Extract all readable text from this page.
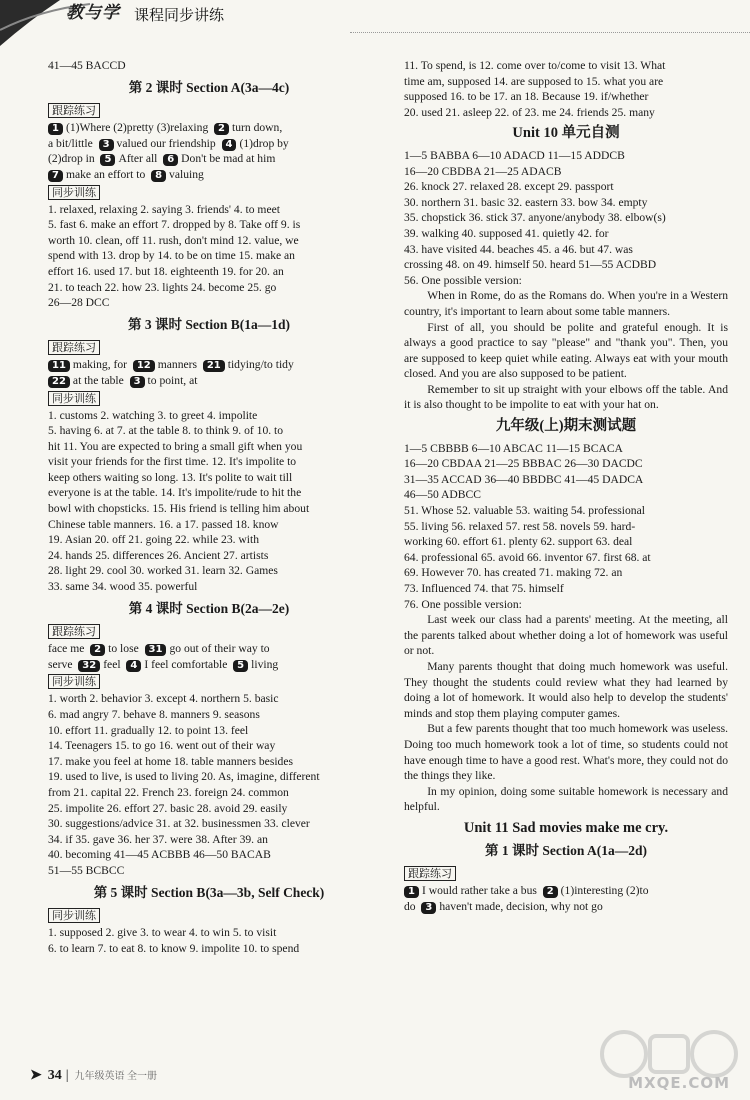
教与学 课程同步讲练
41—45 BACCD
第 2 课时 Section A(3a—4c)
跟踪练习
1 (1)Where (2)pretty (3)relaxing 2 turn down,
a bit/little 3 valued our friendship 4 (1)drop by
(2)drop in 5 After all 6 Don't be mad at him
7 make an effort to 8 valuing
同步训练
1. relaxed, relaxing 2. saying 3. friends' 4. to meet
5. fast 6. make an effort 7. dropped by 8. Take off 9. is
worth 10. clean, off 11. rush, don't mind 12. value, we
spend with 13. drop by 14. to be on time 15. make an
effort 16. used 17. but 18. eighteenth 19. for 20. an
21. to teach 22. how 23. lights 24. become 25. go
26—28 DCC
第 3 课时 Section B(1a—1d)
跟踪练习
11 making, for 12 manners 21 tidying/to tidy
22 at the table 3 to point, at
同步训练
1. customs 2. watching 3. to greet 4. impolite
5. having 6. at 7. at the table 8. to think 9. of 10. to
hit 11. You are expected to bring a small gift when you
visit your friends for the first time. 12. It's impolite to
keep others waiting so long. 13. It's polite to wait till
everyone is at the table. 14. It's impolite/rude to hit the
bowl with chopsticks. 15. His friend is telling him about
Chinese table manners. 16. a 17. passed 18. know
19. Asian 20. off 21. going 22. while 23. with
24. hands 25. differences 26. Ancient 27. artists
28. light 29. cool 30. worked 31. learn 32. Games
33. same 34. wood 35. powerful
第 4 课时 Section B(2a—2e)
跟踪练习
face me 2 to lose 31 go out of their way to
serve 32 feel 4 I feel comfortable 5 living
同步训练
1. worth 2. behavior 3. except 4. northern 5. basic
6. mad angry 7. behave 8. manners 9. seasons
10. effort 11. gradually 12. to point 13. feel
14. Teenagers 15. to go 16. went out of their way
17. make you feel at home 18. table manners besides
19. used to live, is used to living 20. As, imagine, different
from 21. capital 22. French 23. foreign 24. common
25. impolite 26. effort 27. basic 28. avoid 29. easily
30. suggestions/advice 31. at 32. businessmen 33. clever
34. if 35. gave 36. her 37. were 38. After 39. an
40. becoming 41—45 ACBBB 46—50 BACAB
51—55 BCBCC
第 5 课时 Section B(3a—3b, Self Check)
同步训练
1. supposed 2. give 3. to wear 4. to win 5. to visit
6. to learn 7. to eat 8. to know 9. impolite 10. to spend
11. To spend, is 12. come over to/come to visit 13. What
time am, supposed 14. are supposed to 15. what you are
supposed 16. to be 17. an 18. Because 19. if/whether
20. used 21. asleep 22. of 23. me 24. friends 25. many
Unit 10 单元自测
1—5 BABBA 6—10 ADACD 11—15 ADDCB
16—20 CBDBA 21—25 ADACB
26. knock 27. relaxed 28. except 29. passport
30. northern 31. basic 32. eastern 33. bow 34. empty
35. chopstick 36. stick 37. anyone/anybody 38. elbow(s)
39. walking 40. supposed 41. quietly 42. for
43. have visited 44. beaches 45. a 46. but 47. was
crossing 48. on 49. himself 50. heard 51—55 ACDBD
56. One possible version:
When in Rome, do as the Romans do. When you're in a Western country, it's important to learn about some table manners.
First of all, you should be polite and grateful enough. It is always a good practice to say "please" and "thank you". Then, you are supposed to keep quiet while eating. Always eat with your mouth closed. And you are also supposed to be patient.
Remember to sit up straight with your elbows off the table. And it is also thought to be impolite to eat with your hat on.
九年级(上)期末测试题
1—5 CBBBB 6—10 ABCAC 11—15 BCACA
16—20 CBDAA 21—25 BBBAC 26—30 DACDC
31—35 ACCAD 36—40 BBDBC 41—45 DADCA
46—50 ADBCC
51. Whose 52. valuable 53. waiting 54. professional
55. living 56. relaxed 57. rest 58. novels 59. hard-
working 60. effort 61. plenty 62. support 63. deal
64. professional 65. avoid 66. inventor 67. first 68. at
69. However 70. has created 71. making 72. an
73. Influenced 74. that 75. himself
76. One possible version:
Last week our class had a parents' meeting. At the meeting, all the parents talked about whether doing a lot of homework was useful or not.
Many parents thought that doing much homework was useful. They thought the students could review what they had learned by doing a lot of homework. It would also help to develop the students' minds and stop them playing computer games.
But a few parents thought that too much homework was useless. Doing too much homework took a lot of time, so students could not have enough time to have a good rest. What's more, they could not do the things they like.
In my opinion, doing some suitable homework is necessary and helpful.
Unit 11 Sad movies make me cry.
第 1 课时 Section A(1a—2d)
跟踪练习
1 I would rather take a bus 2 (1)interesting (2)to
do 3 haven't made, decision, why not go
➤ 34 | 九年级英语 全一册	MXQE.COM
